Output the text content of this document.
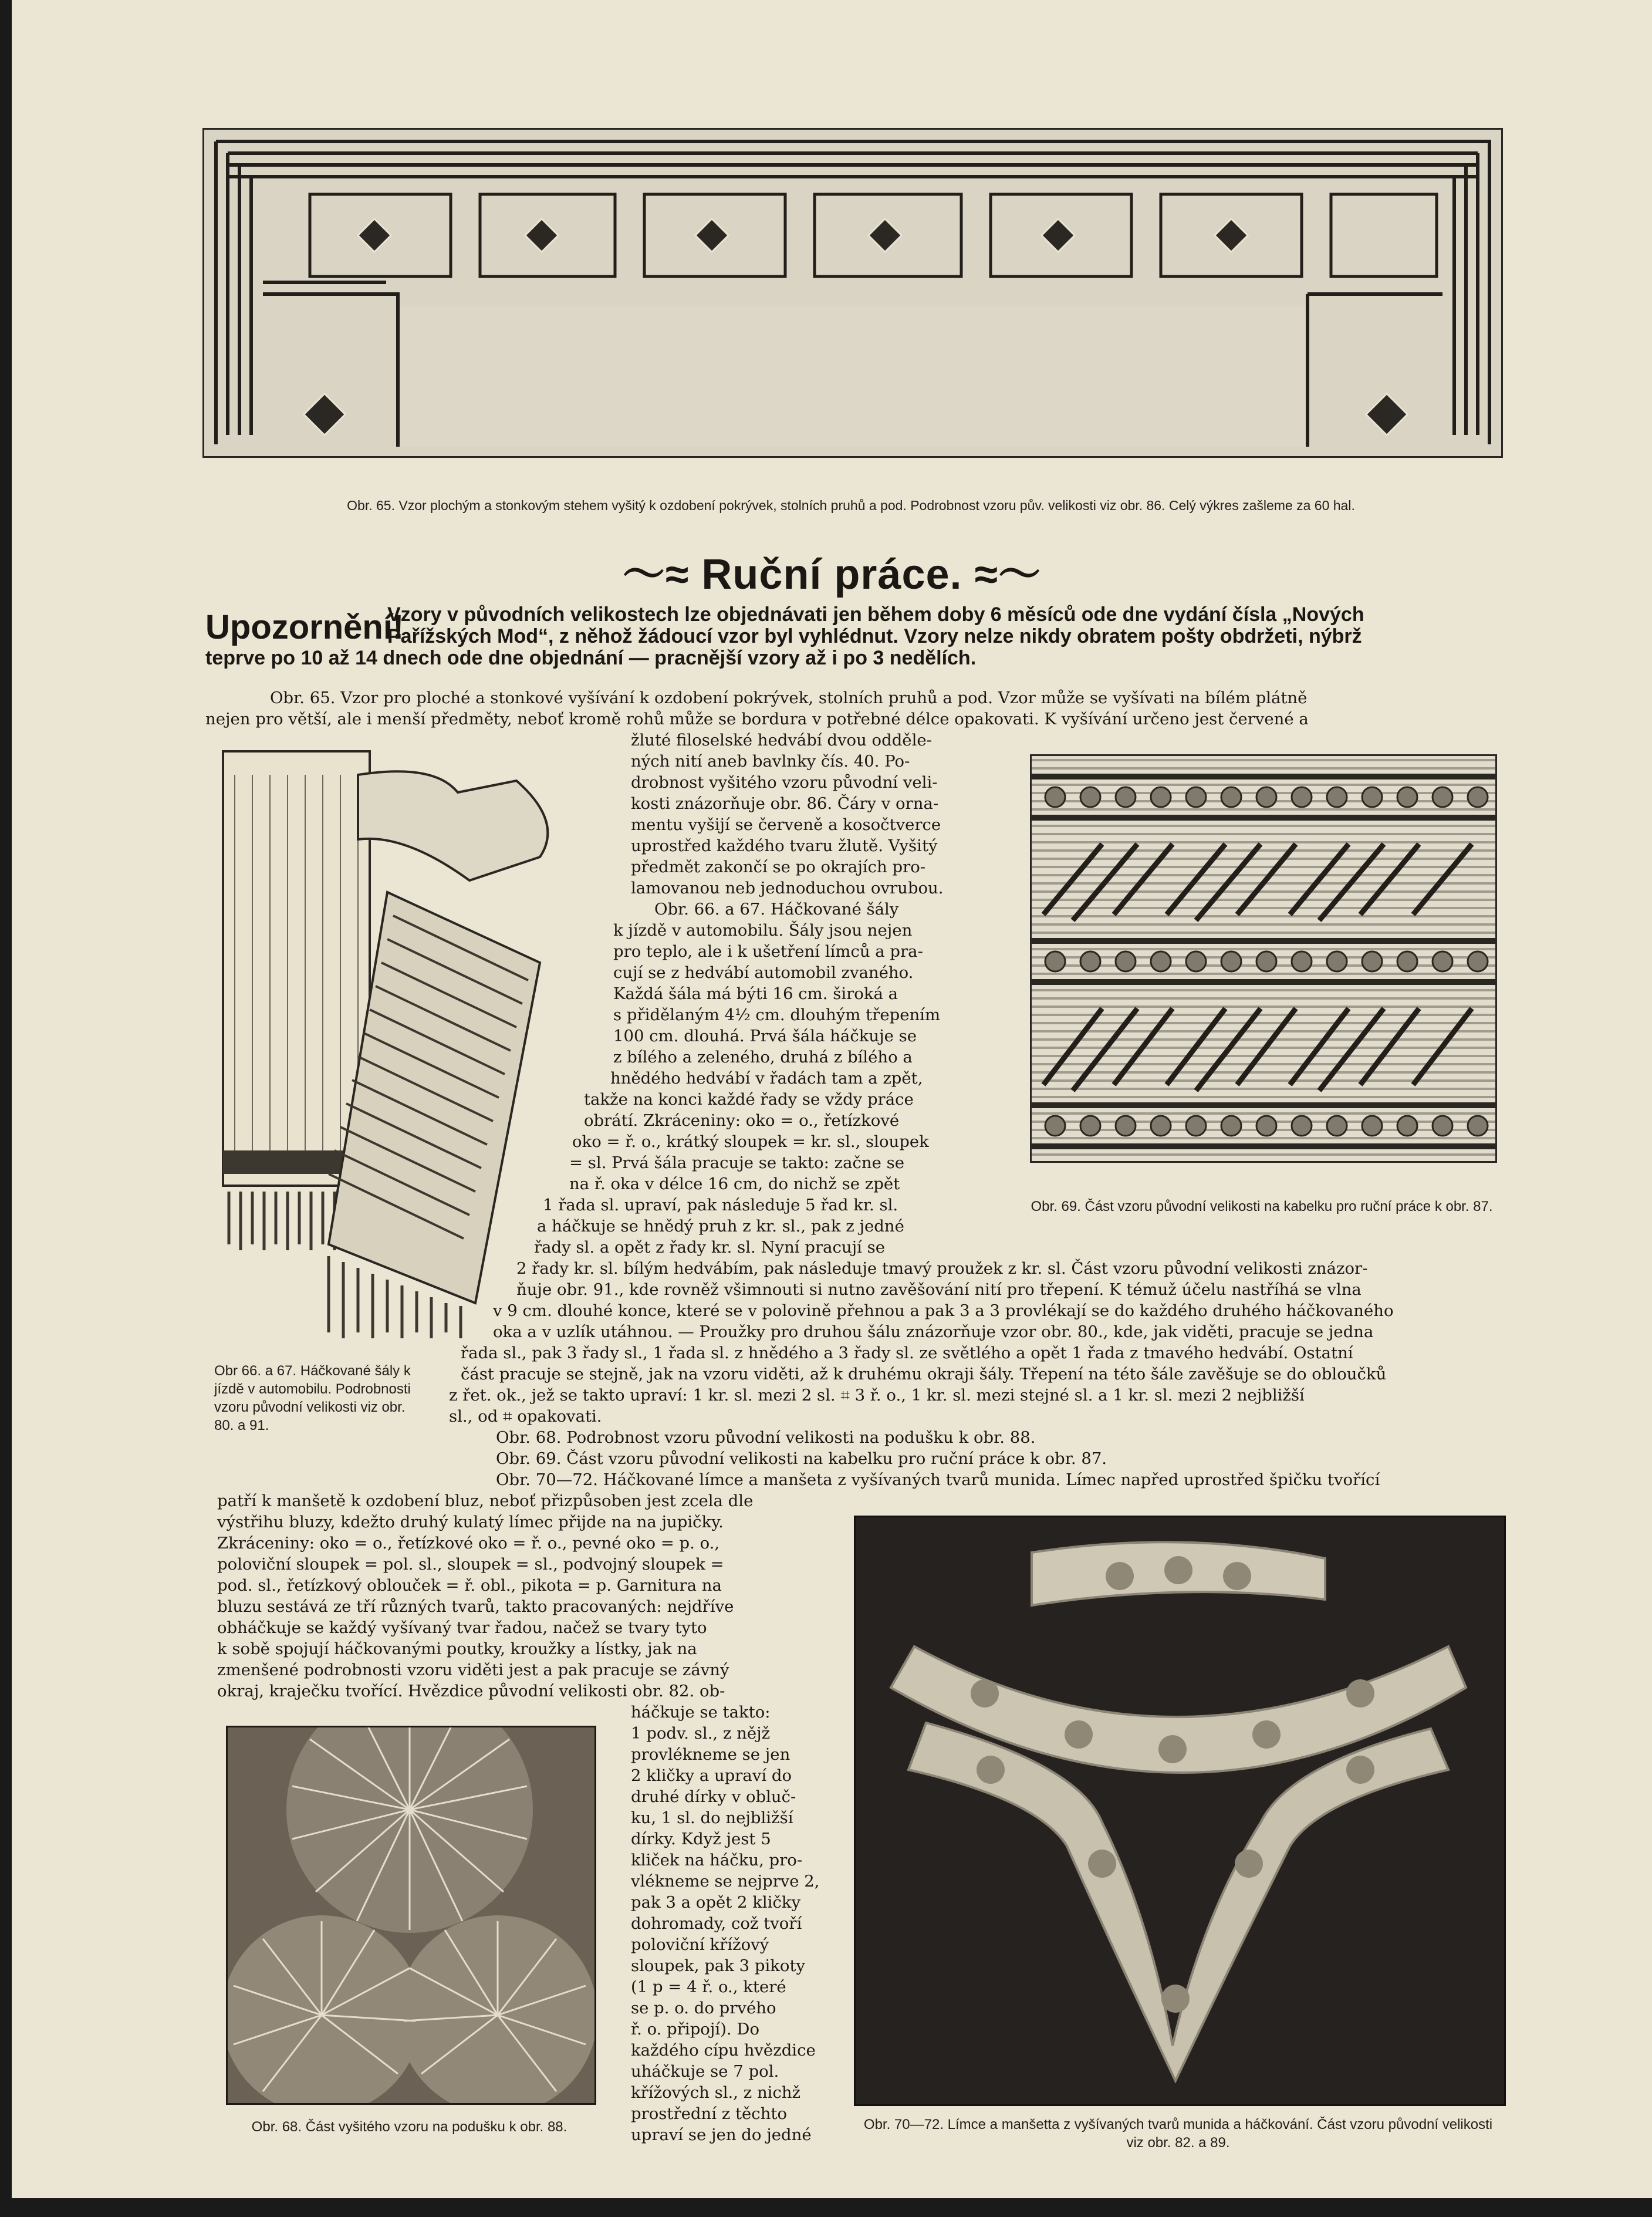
Obr. 65. Vzor plochým a stonkovým stehem vyšitý k ozdobení pokrývek, stolních pruhů a pod. Podrobnost vzoru pův. velikosti viz obr. 86. Celý výkres zašleme za 60 hal.
〜≈ Ruční práce. ≈〜
Upozornění!
Vzory v původních velikostech lze objednávati jen během doby 6 měsíců ode dne vydání čísla „Nových
Pařížských Mod“, z něhož žádoucí vzor byl vyhlédnut. Vzory nelze nikdy obratem pošty obdržeti, nýbrž
teprve po 10 až 14 dnech ode dne objednání — pracnější vzory až i po 3 nedělích.
Obr. 65. Vzor pro ploché a stonkové vyšívání k ozdobení pokrývek, stolních pruhů a pod. Vzor může se vyšívati na bílém plátně
nejen pro větší, ale i menší předměty, neboť kromě rohů může se bordura v potřebné délce opakovati. K vyšívání určeno jest červené a
Obr 66. a 67. Háčkované šály k jízdě v automobilu. Podrobnosti vzoru původní velikosti viz obr. 80. a 91.
žluté filoselské hedvábí dvou odděle-
ných nití aneb bavlnky čís. 40. Po-
drobnost vyšitého vzoru původní veli-
kosti znázorňuje obr. 86. Čáry v orna-
mentu vyšijí se červeně a kosočtverce
uprostřed každého tvaru žlutě. Vyšitý
předmět zakončí se po okrajích pro-
lamovanou neb jednoduchou ovrubou.
Obr. 66. a 67. Háčkované šály
k jízdě v automobilu. Šály jsou nejen
pro teplo, ale i k ušetření límců a pra-
cují se z hedvábí automobil zvaného.
Každá šála má býti 16 cm. široká a
s přidělaným 4½ cm. dlouhým třepením
100 cm. dlouhá. Prvá šála háčkuje se
z bílého a zeleného, druhá z bílého a
hnědého hedvábí v řadách tam a zpět,
takže na konci každé řady se vždy práce
obrátí. Zkráceniny: oko = o., řetízkové
oko = ř. o., krátký sloupek = kr. sl., sloupek
= sl. Prvá šála pracuje se takto: začne se
na ř. oka v délce 16 cm, do nichž se zpět
1 řada sl. upraví, pak následuje 5 řad kr. sl.
a háčkuje se hnědý pruh z kr. sl., pak z jedné
řady sl. a opět z řady kr. sl. Nyní pracují se
Obr. 69. Část vzoru původní velikosti na kabelku pro ruční práce k obr. 87.
2 řady kr. sl. bílým hedvábím, pak následuje tmavý proužek z kr. sl. Část vzoru původní velikosti znázor-
ňuje obr. 91., kde rovněž všimnouti si nutno zavěšování nití pro třepení. K témuž účelu nastříhá se vlna
v 9 cm. dlouhé konce, které se v polovině přehnou a pak 3 a 3 provlékají se do každého druhého háčkovaného
oka a v uzlík utáhnou. — Proužky pro druhou šálu znázorňuje vzor obr. 80., kde, jak viděti, pracuje se jedna
řada sl., pak 3 řady sl., 1 řada sl. z hnědého a 3 řady sl. ze světlého a opět 1 řada z tmavého hedvábí. Ostatní
část pracuje se stejně, jak na vzoru viděti, až k druhému okraji šály. Třepení na této šále zavěšuje se do obloučků
z řet. ok., jež se takto upraví: 1 kr. sl. mezi 2 sl. ⌗ 3 ř. o., 1 kr. sl. mezi stejné sl. a 1 kr. sl. mezi 2 nejbližší
sl., od ⌗ opakovati.
Obr. 68. Podrobnost vzoru původní velikosti na podušku k obr. 88.
Obr. 69. Část vzoru původní velikosti na kabelku pro ruční práce k obr. 87.
Obr. 70—72. Háčkované límce a manšeta z vyšívaných tvarů munida. Límec napřed uprostřed špičku tvořící
patří k manšetě k ozdobení bluz, neboť přizpůsoben jest zcela dle
výstřihu bluzy, kdežto druhý kulatý límec přijde na na jupičky.
Zkráceniny: oko = o., řetízkové oko = ř. o., pevné oko = p. o.,
poloviční sloupek = pol. sl., sloupek = sl., podvojný sloupek =
pod. sl., řetízkový oblouček = ř. obl., pikota = p. Garnitura na
bluzu sestává ze tří různých tvarů, takto pracovaných: nejdříve
obháčkuje se každý vyšívaný tvar řadou, načež se tvary tyto
k sobě spojují háčkovanými poutky, kroužky a lístky, jak na
zmenšené podrobnosti vzoru viděti jest a pak pracuje se závný
okraj, kraječku tvořící. Hvězdice původní velikosti obr. 82. ob-
háčkuje se takto:
1 podv. sl., z nějž
provlékneme se jen
2 kličky a upraví do
druhé dírky v obluč-
ku, 1 sl. do nejbližší
dírky. Když jest 5
kliček na háčku, pro-
vlékneme se nejprve 2,
pak 3 a opět 2 kličky
dohromady, což tvoří
poloviční křížový
sloupek, pak 3 pikoty
(1 p = 4 ř. o., které
se p. o. do prvého
ř. o. připojí). Do
každého cípu hvězdice
uháčkuje se 7 pol.
křížových sl., z nichž
prostřední z těchto
upraví se jen do jedné
Obr. 68. Část vyšitého vzoru na podušku k obr. 88.	Obr. 70—72. Límce a manšetta z vyšívaných tvarů munida a háčkování. Část vzoru původní velikosti viz obr. 82. a 89.
